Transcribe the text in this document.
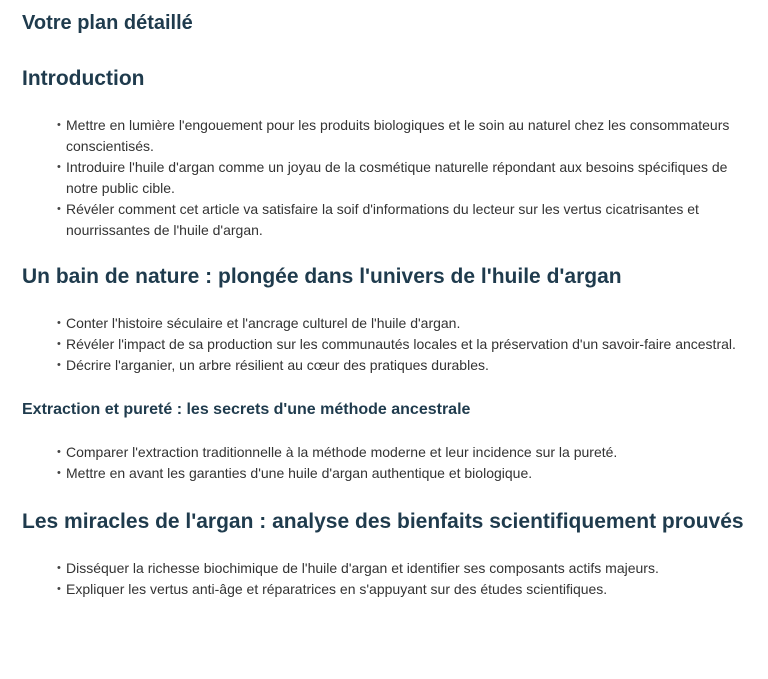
Votre plan détaillé
Introduction
• Mettre en lumière l'engouement pour les produits biologiques et le soin au naturel chez les consommateurs conscientisés.
• Introduire l'huile d'argan comme un joyau de la cosmétique naturelle répondant aux besoins spécifiques de notre public cible.
• Révéler comment cet article va satisfaire la soif d'informations du lecteur sur les vertus cicatrisantes et nourrissantes de l'huile d'argan.
Un bain de nature : plongée dans l'univers de l'huile d'argan
• Conter l'histoire séculaire et l'ancrage culturel de l'huile d'argan.
• Révéler l'impact de sa production sur les communautés locales et la préservation d'un savoir-faire ancestral.
• Décrire l'arganier, un arbre résilient au cœur des pratiques durables.
Extraction et pureté : les secrets d'une méthode ancestrale
• Comparer l'extraction traditionnelle à la méthode moderne et leur incidence sur la pureté.
• Mettre en avant les garanties d'une huile d'argan authentique et biologique.
Les miracles de l'argan : analyse des bienfaits scientifiquement prouvés
• Disséquer la richesse biochimique de l'huile d'argan et identifier ses composants actifs majeurs.
• Expliquer les vertus anti-âge et réparatrices en s'appuyant sur des études scientifiques.
